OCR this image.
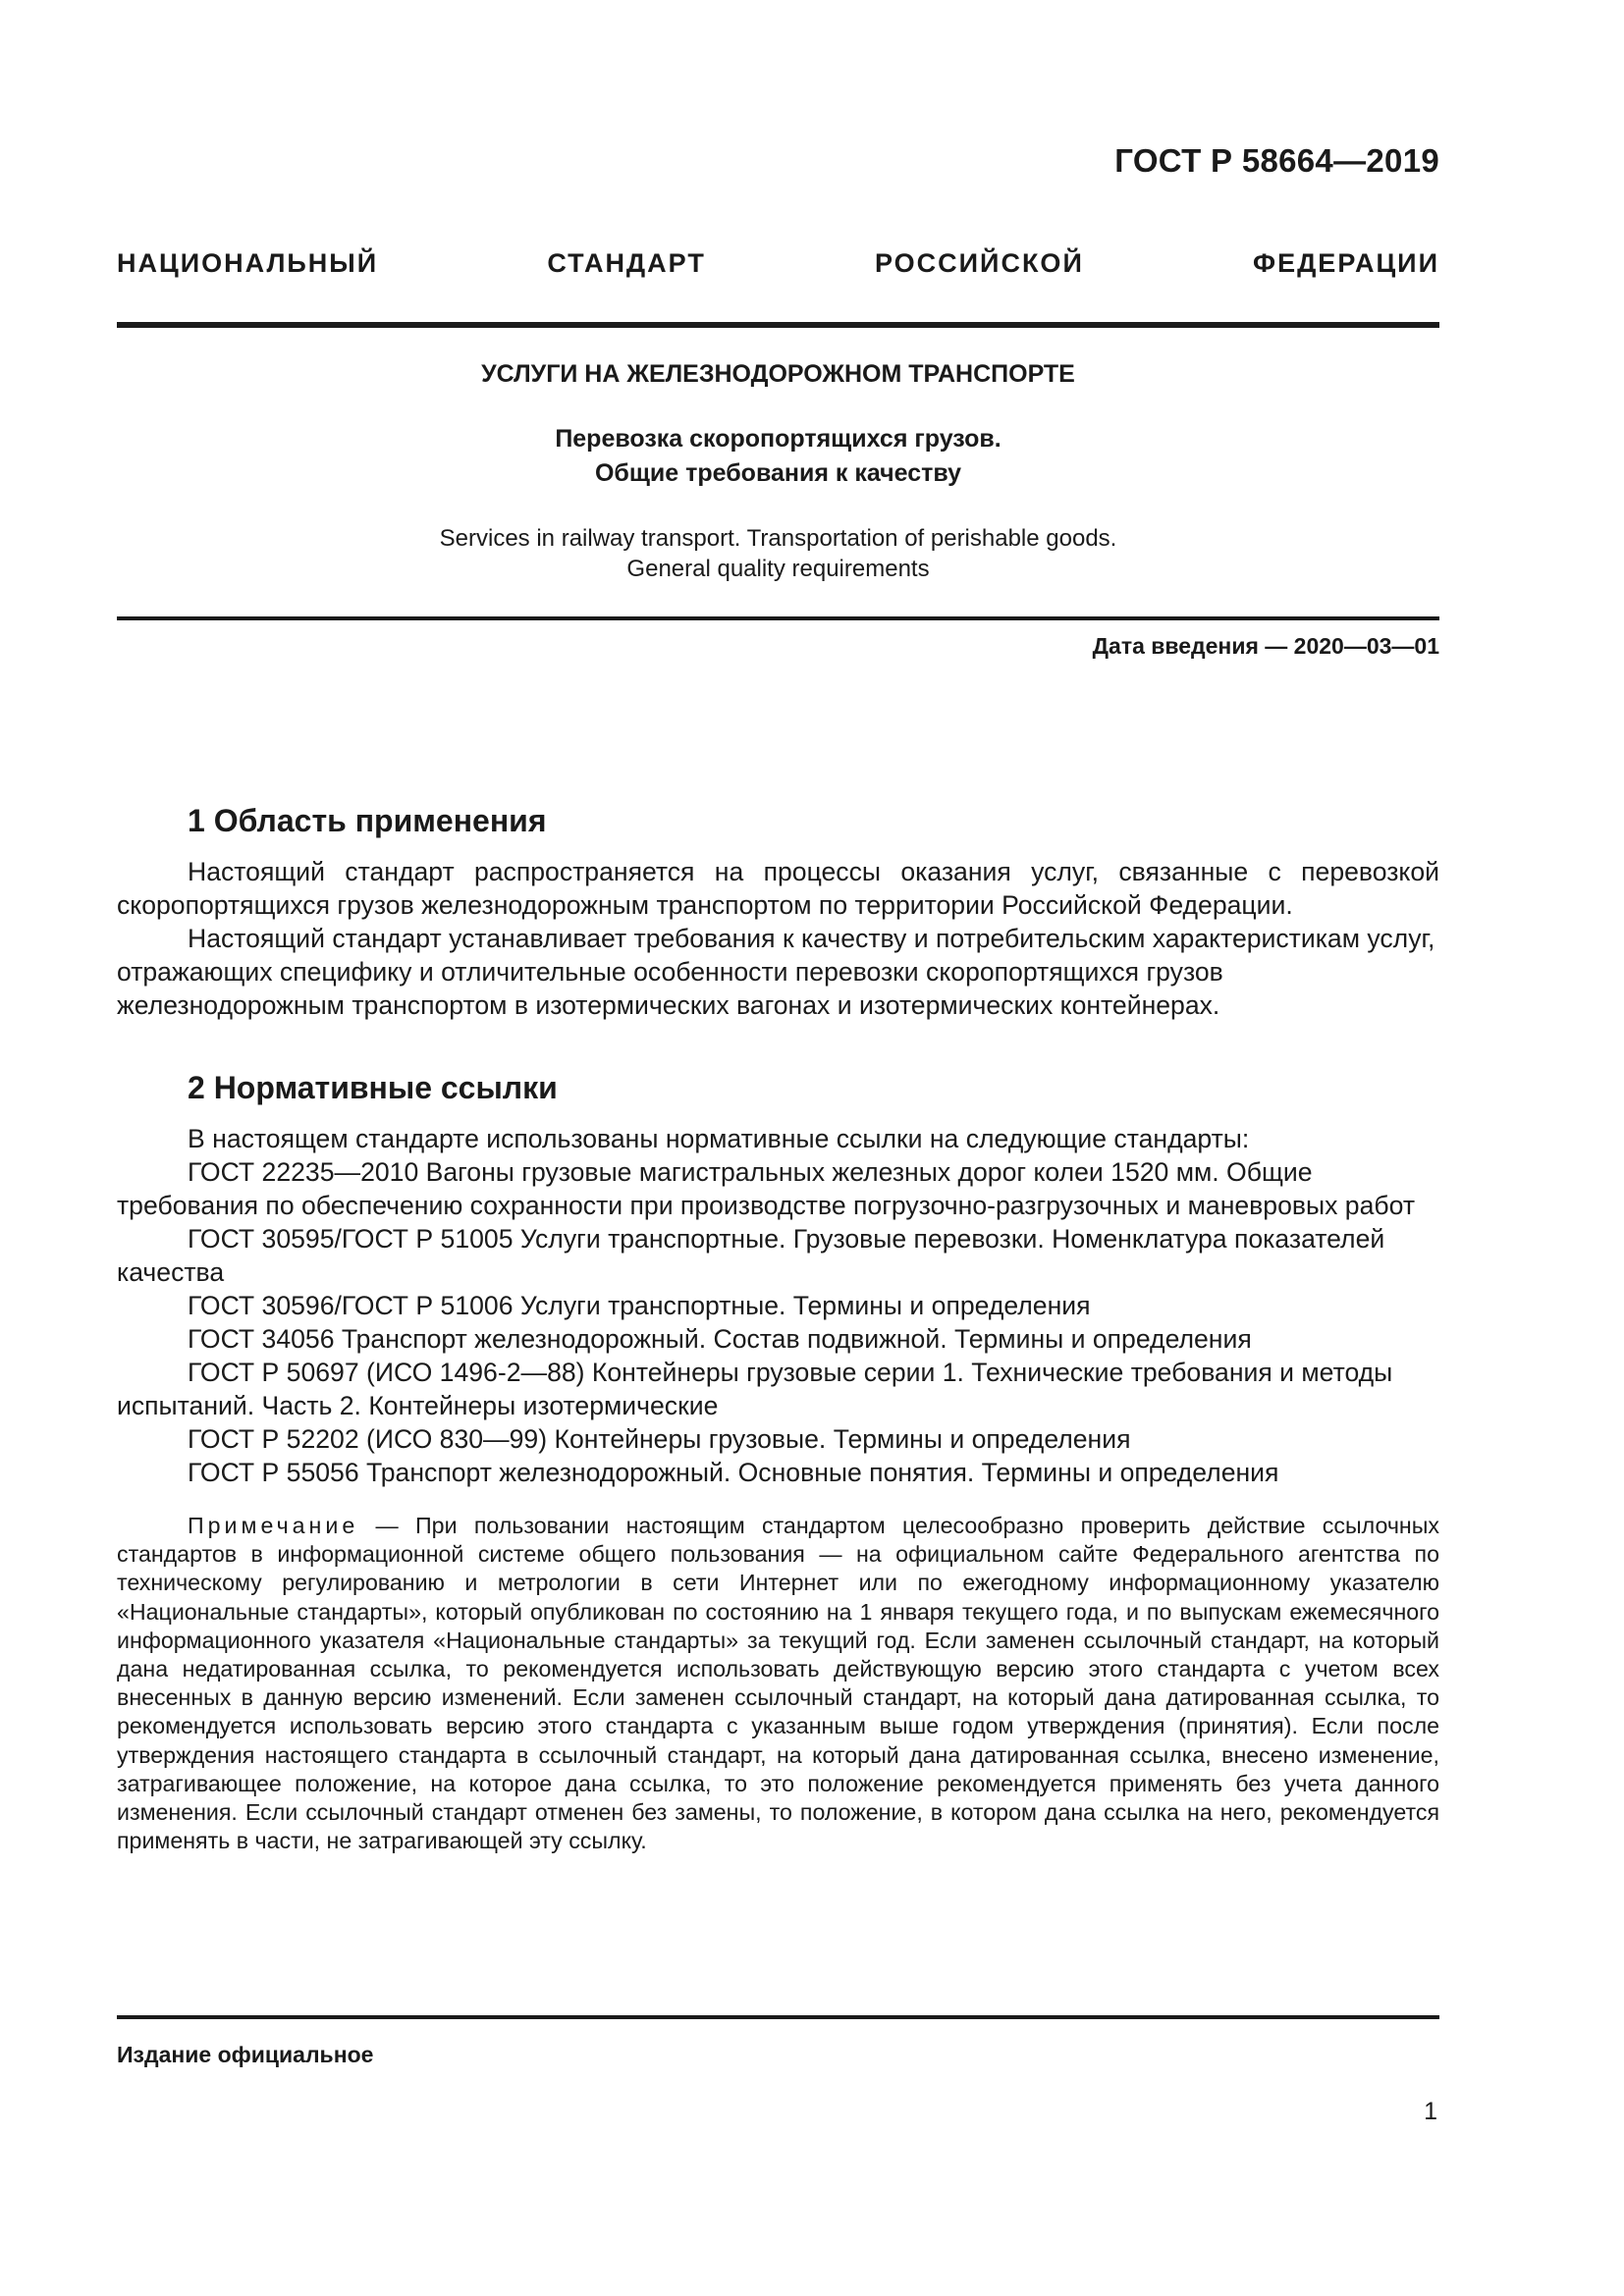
ГОСТ Р 58664—2019
НАЦИОНАЛЬНЫЙ СТАНДАРТ РОССИЙСКОЙ ФЕДЕРАЦИИ
УСЛУГИ НА ЖЕЛЕЗНОДОРОЖНОМ ТРАНСПОРТЕ
Перевозка скоропортящихся грузов.
Общие требования к качеству
Services in railway transport. Transportation of perishable goods.
General quality requirements
Дата введения — 2020—03—01
1 Область применения

Настоящий стандарт распространяется на процессы оказания услуг, связанные с перевозкой скоропортящихся грузов железнодорожным транспортом по территории Российской Федерации.

Настоящий стандарт устанавливает требования к качеству и потребительским характеристикам услуг, отражающих специфику и отличительные особенности перевозки скоропортящихся грузов железнодорожным транспортом в изотермических вагонах и изотермических контейнерах.

2 Нормативные ссылки

В настоящем стандарте использованы нормативные ссылки на следующие стандарты:

ГОСТ 22235—2010 Вагоны грузовые магистральных железных дорог колеи 1520 мм. Общие требования по обеспечению сохранности при производстве погрузочно-разгрузочных и маневровых работ

ГОСТ 30595/ГОСТ Р 51005 Услуги транспортные. Грузовые перевозки. Номенклатура показателей качества

ГОСТ 30596/ГОСТ Р 51006 Услуги транспортные. Термины и определения

ГОСТ 34056 Транспорт железнодорожный. Состав подвижной. Термины и определения

ГОСТ Р 50697 (ИСО 1496-2—88) Контейнеры грузовые серии 1. Технические требования и методы испытаний. Часть 2. Контейнеры изотермические

ГОСТ Р 52202 (ИСО 830—99) Контейнеры грузовые. Термины и определения

ГОСТ Р 55056 Транспорт железнодорожный. Основные понятия. Термины и определения

Примечание — При пользовании настоящим стандартом целесообразно проверить действие ссылочных стандартов в информационной системе общего пользования — на официальном сайте Федерального агентства по техническому регулированию и метрологии в сети Интернет или по ежегодному информационному указателю «Национальные стандарты», который опубликован по состоянию на 1 января текущего года, и по выпускам ежемесячного информационного указателя «Национальные стандарты» за текущий год. Если заменен ссылочный стандарт, на который дана недатированная ссылка, то рекомендуется использовать действующую версию этого стандарта с учетом всех внесенных в данную версию изменений. Если заменен ссылочный стандарт, на который дана датированная ссылка, то рекомендуется использовать версию этого стандарта с указанным выше годом утверждения (принятия). Если после утверждения настоящего стандарта в ссылочный стандарт, на который дана датированная ссылка, внесено изменение, затрагивающее положение, на которое дана ссылка, то это положение рекомендуется применять без учета данного изменения. Если ссылочный стандарт отменен без замены, то положение, в котором дана ссылка на него, рекомендуется применять в части, не затрагивающей эту ссылку.

Издание официальное
1
